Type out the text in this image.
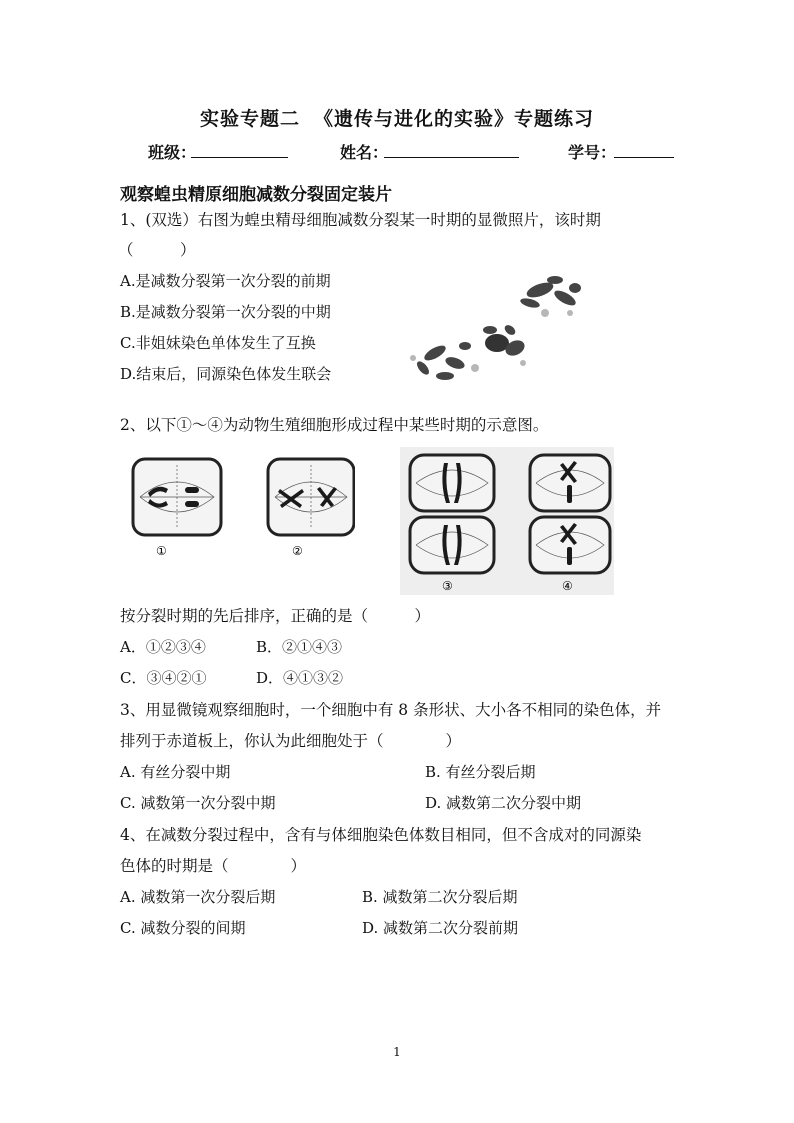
实验专题二 《遗传与进化的实验》专题练习
班级：	姓名：	学号：
观察蝗虫精原细胞减数分裂固定装片
1、(双选）右图为蝗虫精母细胞减数分裂某一时期的显微照片，该时期
（　　　）
A.是减数分裂第一次分裂的前期
B.是减数分裂第一次分裂的中期
C.非姐妹染色单体发生了互换
D.结束后，同源染色体发生联会
2、以下①～④为动物生殖细胞形成过程中某些时期的示意图。
①	②
③	④
按分裂时期的先后排序，正确的是（　　　）
A．①②③④	B．②①④③
C．③④②①	D．④①③②
3、用显微镜观察细胞时，一个细胞中有 8 条形状、大小各不相同的染色体，并
排列于赤道板上，你认为此细胞处于（　　　　）
A. 有丝分裂中期	B. 有丝分裂后期
C. 减数第一次分裂中期	D. 减数第二次分裂中期
4、在减数分裂过程中，含有与体细胞染色体数目相同，但不含成对的同源染
色体的时期是（　　　　）
A. 减数第一次分裂后期	B. 减数第二次分裂后期
C. 减数分裂的间期	D. 减数第二次分裂前期
1
